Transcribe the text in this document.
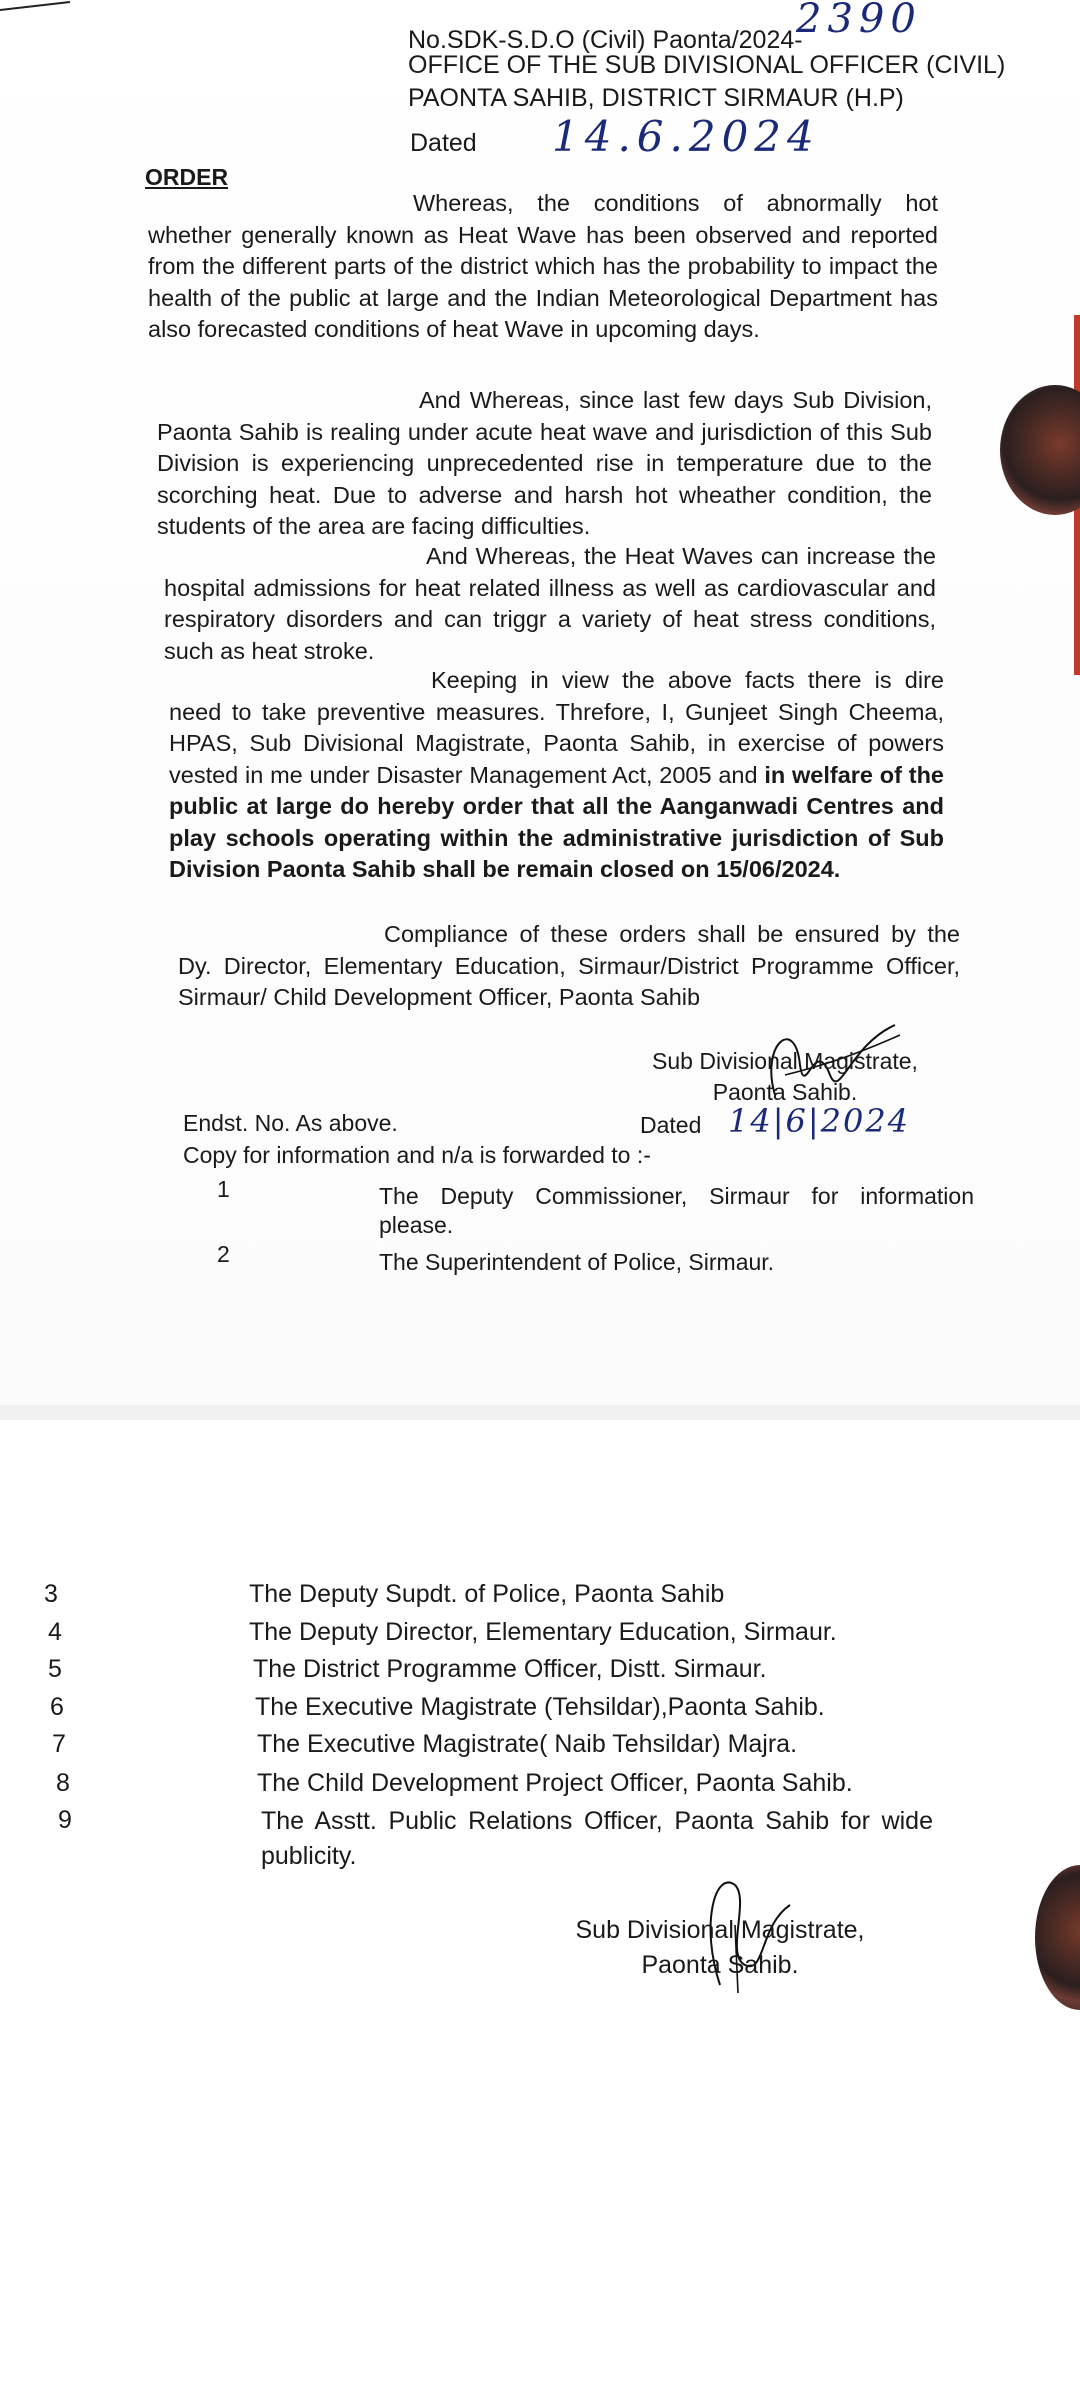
No.SDK-S.D.O (Civil) Paonta/2024-
2390
OFFICE OF THE SUB DIVISIONAL OFFICER (CIVIL)
PAONTA SAHIB, DISTRICT SIRMAUR (H.P)
Dated 14.6.2024
ORDER
Whereas, the conditions of abnormally hot whether generally known as Heat Wave has been observed and reported from the different parts of the district which has the probability to impact the health of the public at large and the Indian Meteorological Department has also forecasted conditions of heat Wave in upcoming days.
And Whereas, since last few days Sub Division, Paonta Sahib is realing under acute heat wave and jurisdiction of this Sub Division is experiencing unprecedented rise in temperature due to the scorching heat. Due to adverse and harsh hot wheather condition, the students of the area are facing difficulties.
And Whereas, the Heat Waves can increase the hospital admissions for heat related illness as well as cardiovascular and respiratory disorders and can triggr a variety of heat stress conditions, such as heat stroke.
Keeping in view the above facts there is dire need to take preventive measures. Threfore, I, Gunjeet Singh Cheema, HPAS, Sub Divisional Magistrate, Paonta Sahib, in exercise of powers vested in me under Disaster Management Act, 2005 and in welfare of the public at large do hereby order that all the Aanganwadi Centres and play schools operating within the administrative jurisdiction of Sub Division Paonta Sahib shall be remain closed on 15/06/2024.
Compliance of these orders shall be ensured by the Dy. Director, Elementary Education, Sirmaur/District Programme Officer, Sirmaur/ Child Development Officer, Paonta Sahib
Sub Divisional Magistrate,
Paonta Sahib.
Endst. No. As above.	Dated 14|6|2024
Copy for information and n/a is forwarded to :-
1	The Deputy Commissioner, Sirmaur for information please.
2	The Superintendent of Police, Sirmaur.
3	The Deputy Supdt. of Police, Paonta Sahib
4	The Deputy Director, Elementary Education, Sirmaur.
5	The District Programme Officer, Distt. Sirmaur.
6	The Executive Magistrate (Tehsildar),Paonta Sahib.
7	The Executive Magistrate( Naib Tehsildar) Majra.
8	The Child Development Project Officer, Paonta Sahib.
9	The Asstt. Public Relations Officer, Paonta Sahib for wide publicity.
Sub Divisional Magistrate,
Paonta Sahib.
